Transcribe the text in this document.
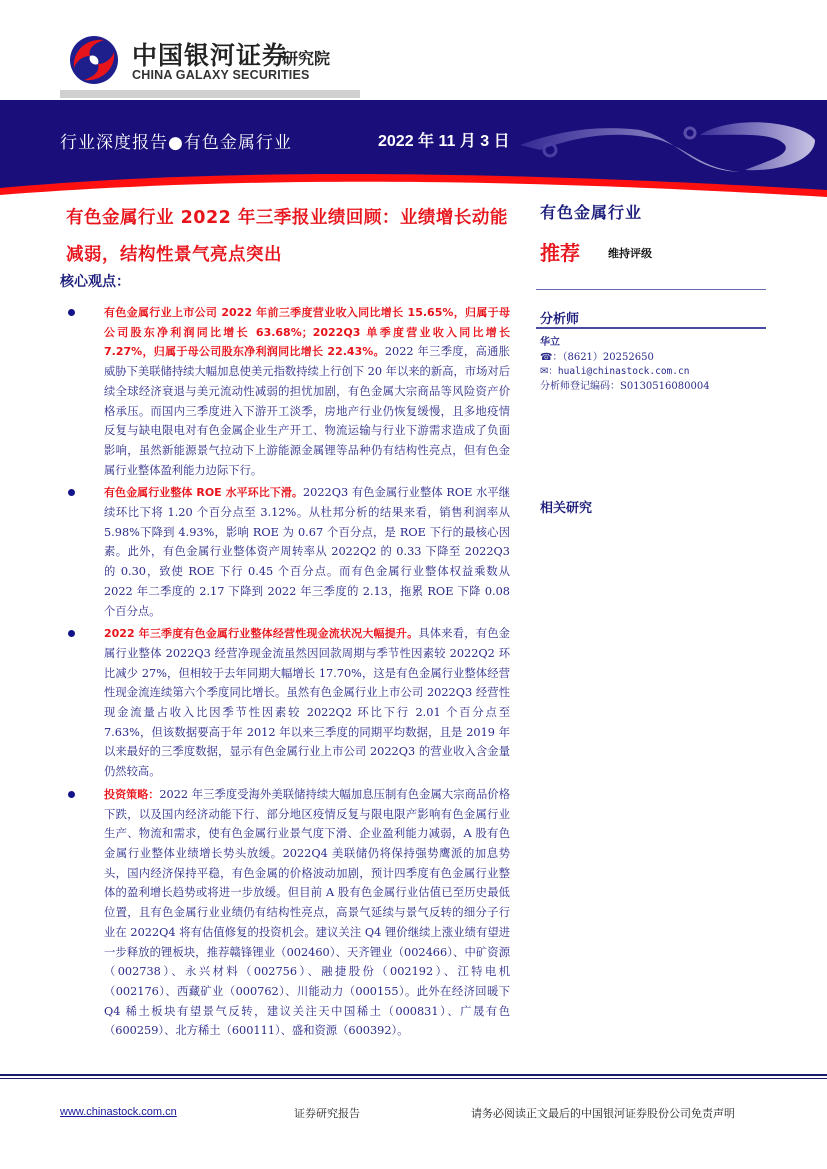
中国银河证券
CHINA GALAXY SECURITIES
研究院
行业深度报告●有色金属行业	2022 年 11 月 3 日
有色金属行业 2022 年三季报业绩回顾：业绩增长动能减弱，结构性景气亮点突出
核心观点：
有色金属行业上市公司 2022 年前三季度营业收入同比增长 15.65%，归属于母公司股东净利润同比增长 63.68%；2022Q3 单季度营业收入同比增长 7.27%，归属于母公司股东净利润同比增长 22.43%。2022 年三季度，高通胀威胁下美联储持续大幅加息使美元指数持续上行创下 20 年以来的新高，市场对后续全球经济衰退与美元流动性减弱的担忧加剧，有色金属大宗商品等风险资产价格承压。而国内三季度进入下游开工淡季，房地产行业仍恢复缓慢，且多地疫情反复与缺电限电对有色金属企业生产开工、物流运输与行业下游需求造成了负面影响，虽然新能源景气拉动下上游能源金属锂等品种仍有结构性亮点，但有色金属行业整体盈利能力边际下行。
有色金属行业整体 ROE 水平环比下滑。2022Q3 有色金属行业整体 ROE 水平继续环比下将 1.20 个百分点至 3.12%。从杜邦分析的结果来看，销售利润率从 5.98%下降到 4.93%，影响 ROE 为 0.67 个百分点，是 ROE 下行的最核心因素。此外，有色金属行业整体资产周转率从 2022Q2 的 0.33 下降至 2022Q3 的 0.30，致使 ROE 下行 0.45 个百分点。而有色金属行业整体权益乘数从 2022 年二季度的 2.17 下降到 2022 年三季度的 2.13，拖累 ROE 下降 0.08 个百分点。
2022 年三季度有色金属行业整体经营性现金流状况大幅提升。具体来看，有色金属行业整体 2022Q3 经营净现金流虽然因回款周期与季节性因素较 2022Q2 环比减少 27%，但相较于去年同期大幅增长 17.70%，这是有色金属行业整体经营性现金流连续第六个季度同比增长。虽然有色金属行业上市公司 2022Q3 经营性现金流量占收入比因季节性因素较 2022Q2 环比下行 2.01 个百分点至 7.63%，但该数据要高于年 2012 年以来三季度的同期平均数据，且是 2019 年以来最好的三季度数据，显示有色金属行业上市公司 2022Q3 的营业收入含金量仍然较高。
投资策略：2022 年三季度受海外美联储持续大幅加息压制有色金属大宗商品价格下跌，以及国内经济动能下行、部分地区疫情反复与限电限产影响有色金属行业生产、物流和需求，使有色金属行业景气度下滑、企业盈利能力减弱，A 股有色金属行业整体业绩增长势头放缓。2022Q4 美联储仍将保持强势鹰派的加息势头，国内经济保持平稳，有色金属的价格波动加剧，预计四季度有色金属行业整体的盈利增长趋势或将进一步放缓。但目前 A 股有色金属行业估值已至历史最低位置，且有色金属行业业绩仍有结构性亮点，高景气延续与景气反转的细分子行业在 2022Q4 将有估值修复的投资机会。建议关注 Q4 锂价继续上涨业绩有望进一步释放的锂板块，推荐赣锋锂业（002460）、天齐锂业（002466）、中矿资源（002738）、永兴材料（002756）、融捷股份（002192）、江特电机（002176）、西藏矿业（000762）、川能动力（000155）。此外在经济回暖下 Q4 稀土板块有望景气反转，建议关注天中国稀土（000831）、广晟有色（600259）、北方稀土（600111）、盛和资源（600392）。
有色金属行业
推荐	维持评级
分析师
华立
☎：（8621）20252650
✉：huali@chinastock.com.cn
分析师登记编码：S0130516080004
相关研究
www.chinastock.com.cn	证券研究报告	请务必阅读正文最后的中国银河证券股份公司免责声明
